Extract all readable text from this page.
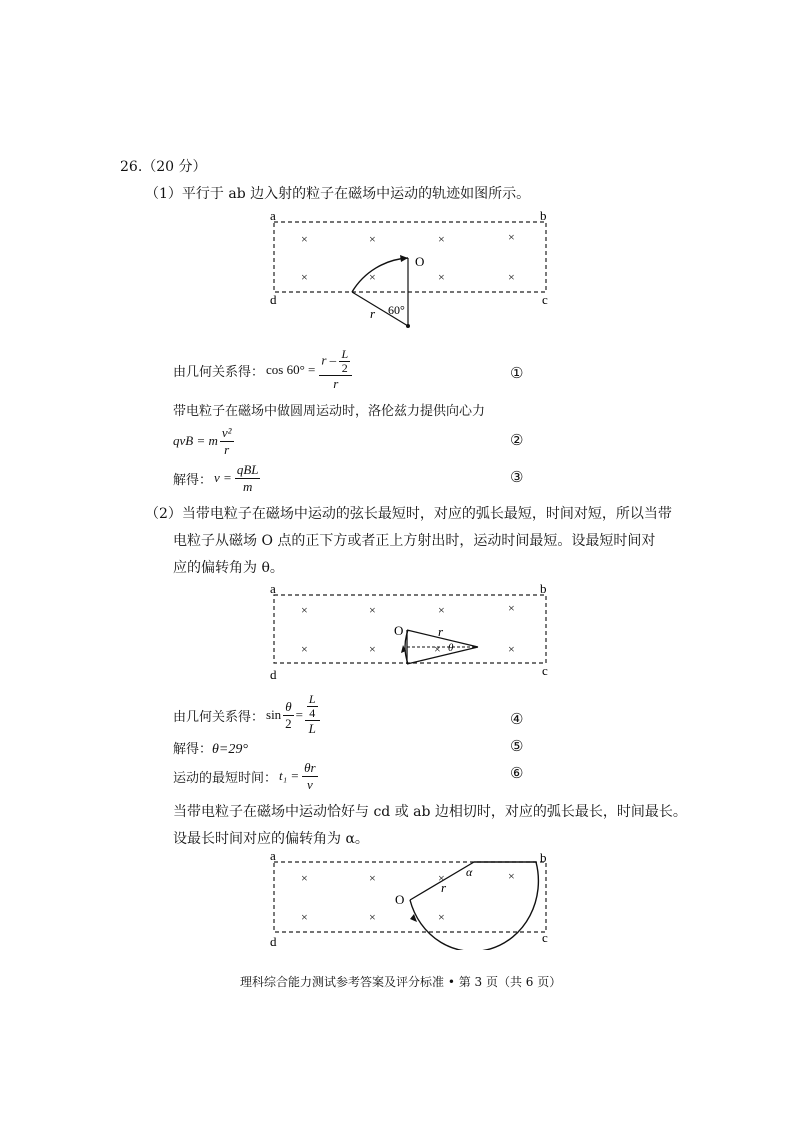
26.（20 分）
（1）平行于 ab 边入射的粒子在磁场中运动的轨迹如图所示。
a	b
c
d
×	×	×	×
×	×	×	×
O
r 60°
由几何关系得： $\cos 60^\circ = \frac{r - \frac{L}{2}}{r}$	①
带电粒子在磁场中做圆周运动时，洛伦兹力提供向心力
qvB = m $\frac{\text{v²}}{r}$	②
解得： $v = \frac{\text{qBL}}{m}$	③
（2）当带电粒子在磁场中运动的弦长最短时，对应的弧长最短，时间对短，所以当带
电粒子从磁场 O 点的正下方或者正上方射出时，运动时间最短。设最短时间对
应的偏转角为 θ。
a	b
c
d
×	×	×	×
×	×	×	×
O	r
θ
由几何关系得： $\sin \frac{\theta}{2} = \frac{\frac{L}{4}}{L}$	④
解得：θ=29°	⑤
运动的最短时间： $t_1 = \frac{\theta r}{v}$	⑥
当带电粒子在磁场中运动恰好与 cd 或 ab 边相切时，对应的弧长最长，时间最长。
设最长时间对应的偏转角为 α。
a	b
c
d
×	×	×	×
×	×	×
O
r
α
理科综合能力测试参考答案及评分标准 • 第 3 页（共 6 页）
